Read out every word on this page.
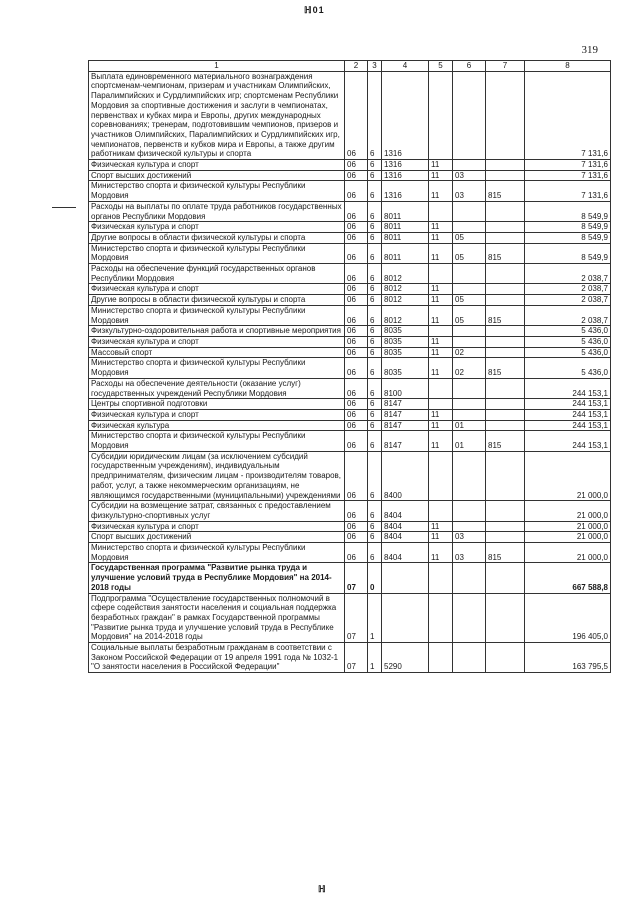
ℍ01
319
1	2	3	4	5	6	7	8
Выплата единовременного материального вознаграждения спортсменам-чемпионам, призерам и участникам Олимпийских, Паралимпийских и Сурдлимпийских игр; спортсменам Республики Мордовия за спортивные достижения и заслуги в чемпионатах, первенствах и кубках мира и Европы, других международных соревнованиях; тренерам, подготовившим чемпионов, призеров и участников Олимпийских, Паралимпийских и Сурдлимпийских игр, чемпионатов, первенств и кубков мира и Европы, а также другим работникам физической культуры и спорта	06	6	1316				7 131,6
Физическая культура и спорт	06	6	1316	11			7 131,6
Спорт высших достижений	06	6	1316	11	03		7 131,6
Министерство спорта и физической культуры Республики Мордовия	06	6	1316	11	03	815	7 131,6
Расходы на выплаты по оплате труда работников государственных органов Республики Мордовия	06	6	8011				8 549,9
Физическая культура и спорт	06	6	8011	11			8 549,9
Другие вопросы в области физической культуры и спорта	06	6	8011	11	05		8 549,9
Министерство спорта и физической культуры Республики Мордовия	06	6	8011	11	05	815	8 549,9
Расходы на обеспечение функций государственных органов Республики Мордовия	06	6	8012				2 038,7
Физическая культура и спорт	06	6	8012	11			2 038,7
Другие вопросы в области физической культуры и спорта	06	6	8012	11	05		2 038,7
Министерство спорта и физической культуры Республики Мордовия	06	6	8012	11	05	815	2 038,7
Физкультурно-оздоровительная работа и спортивные мероприятия	06	6	8035				5 436,0
Физическая культура и спорт	06	6	8035	11			5 436,0
Массовый спорт	06	6	8035	11	02		5 436,0
Министерство спорта и физической культуры Республики Мордовия	06	6	8035	11	02	815	5 436,0
Расходы на обеспечение деятельности (оказание услуг) государственных учреждений Республики Мордовия	06	6	8100				244 153,1
Центры спортивной подготовки	06	6	8147				244 153,1
Физическая культура и спорт	06	6	8147	11			244 153,1
Физическая культура	06	6	8147	11	01		244 153,1
Министерство спорта и физической культуры Республики Мордовия	06	6	8147	11	01	815	244 153,1
Субсидии юридическим лицам (за исключением субсидий государственным учреждениям), индивидуальным предпринимателям, физическим лицам - производителям товаров, работ, услуг, а также некоммерческим организациям, не являющимся государственными (муниципальными) учреждениями	06	6	8400				21 000,0
Субсидии на возмещение затрат, связанных с предоставлением физкультурно-спортивных услуг	06	6	8404				21 000,0
Физическая культура и спорт	06	6	8404	11			21 000,0
Спорт высших достижений	06	6	8404	11	03		21 000,0
Министерство спорта и физической культуры Республики Мордовия	06	6	8404	11	03	815	21 000,0
Государственная программа "Развитие рынка труда и улучшение условий труда в Республике Мордовия" на 2014-2018 годы	07	0					667 588,8
Подпрограмма "Осуществление государственных полномочий в сфере содействия занятости населения и социальная поддержка безработных граждан" в рамках Государственной программы "Развитие рынка труда и улучшение условий труда в Республике Мордовия" на 2014-2018 годы	07	1					196 405,0
Социальные выплаты безработным гражданам в соответствии с Законом Российской Федерации от 19 апреля 1991 года № 1032-1 "О занятости населения в Российской Федерации"	07	1	5290				163 795,5
ℍ
